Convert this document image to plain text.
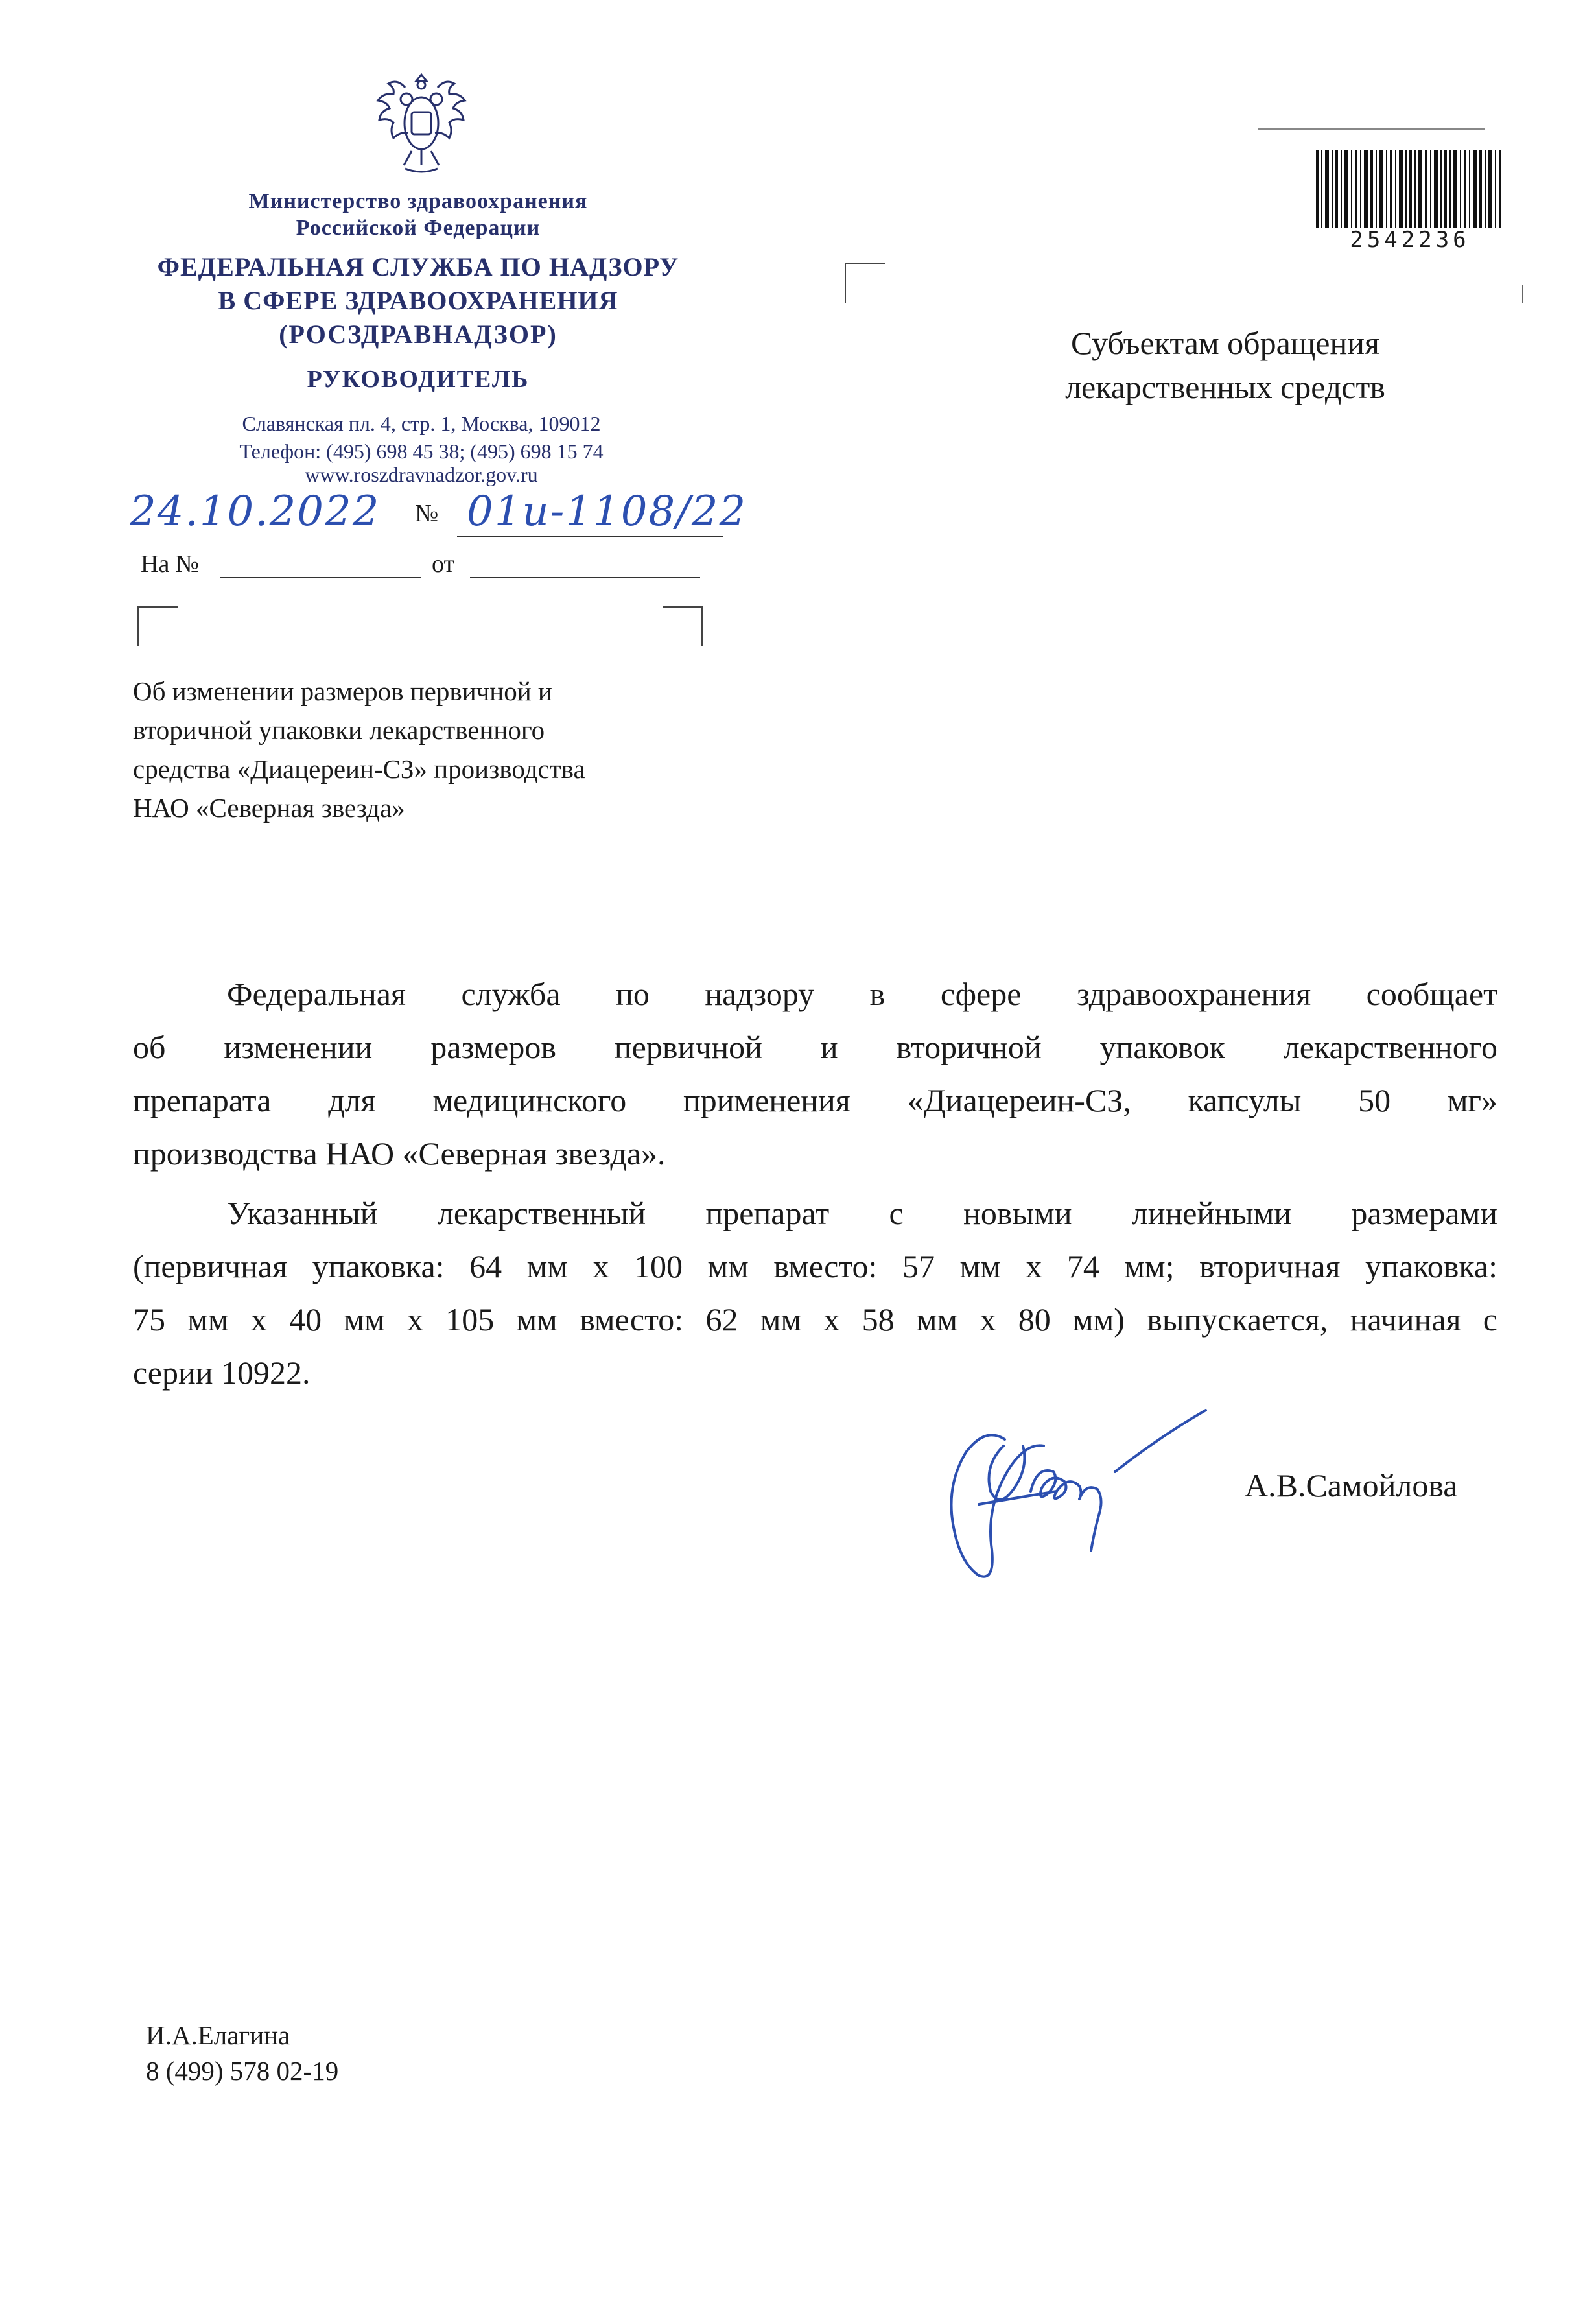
Министерство здравоохранения
Российской Федерации
ФЕДЕРАЛЬНАЯ СЛУЖБА ПО НАДЗОРУ
В СФЕРЕ ЗДРАВООХРАНЕНИЯ
(РОСЗДРАВНАДЗОР)
РУКОВОДИТЕЛЬ
Славянская пл. 4, стр. 1, Москва, 109012
Телефон: (495) 698 45 38; (495) 698 15 74
www.roszdravnadzor.gov.ru
24.10.2022 № 01и-1108/22
На №	от
2542236
Субъектам обращения
лекарственных средств
Об изменении размеров первичной и
вторичной упаковки лекарственного
средства «Диацереин-СЗ» производства
НАО «Северная звезда»
Федеральная служба по надзору в сфере здравоохранения сообщает
об изменении размеров первичной и вторичной упаковок лекарственного
препарата для медицинского применения «Диацереин-СЗ, капсулы 50 мг»
производства НАО «Северная звезда».
Указанный лекарственный препарат с новыми линейными размерами
(первичная упаковка: 64 мм х 100 мм вместо: 57 мм х 74 мм; вторичная упаковка:
75 мм х 40 мм х 105 мм вместо: 62 мм х 58 мм х 80 мм) выпускается, начиная с
серии 10922.
А.В.Самойлова
И.А.Елагина
8 (499) 578 02-19
